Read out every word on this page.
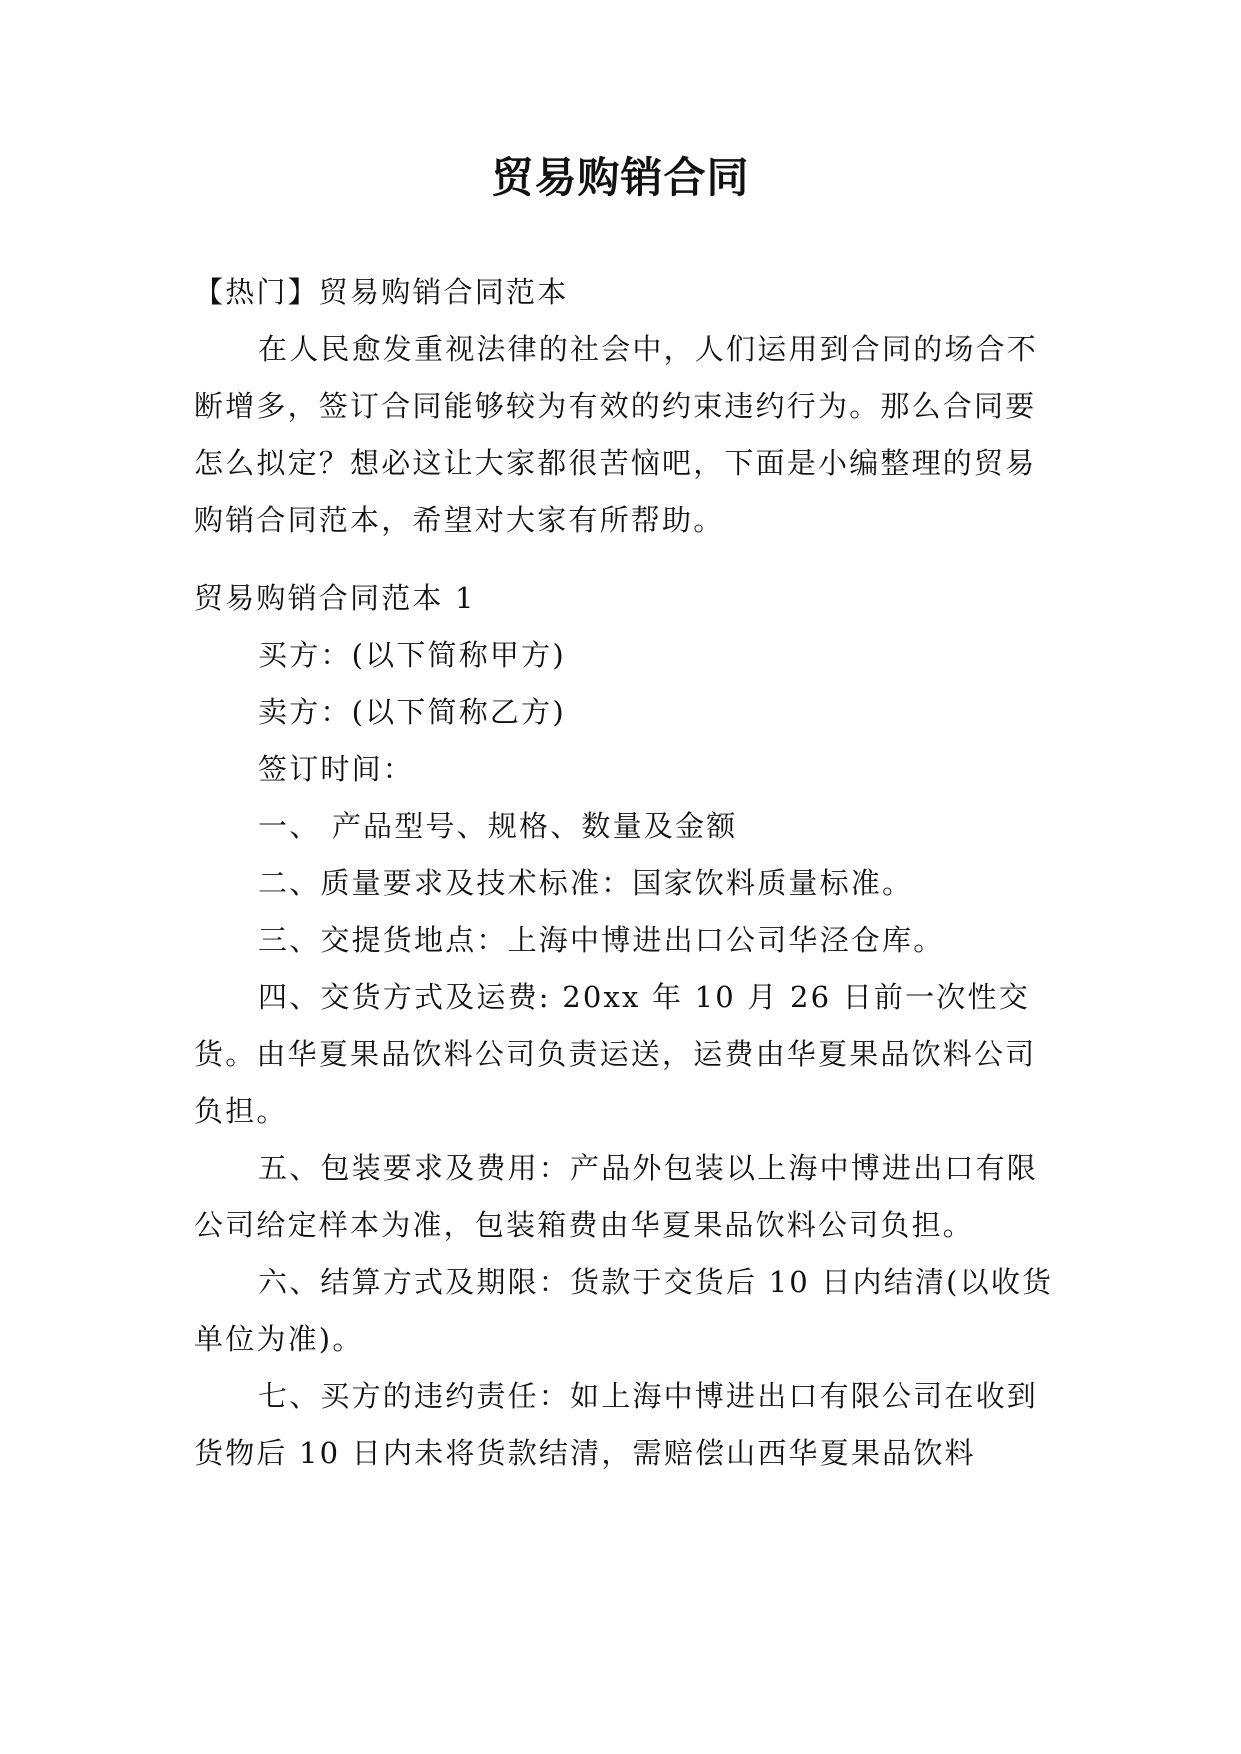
贸易购销合同

【热门】贸易购销合同范本

在人民愈发重视法律的社会中，人们运用到合同的场合不断增多，签订合同能够较为有效的约束违约行为。那么合同要怎么拟定？想必这让大家都很苦恼吧，下面是小编整理的贸易购销合同范本，希望对大家有所帮助。

贸易购销合同范本 1

买方：(以下简称甲方)

卖方：(以下简称乙方)

签订时间：

一、 产品型号、规格、数量及金额

二、质量要求及技术标准：国家饮料质量标准。

三、交提货地点：上海中博进出口公司华泾仓库。

四、交货方式及运费: 20xx 年 10 月 26 日前一次性交货。由华夏果品饮料公司负责运送，运费由华夏果品饮料公司负担。

五、包装要求及费用：产品外包装以上海中博进出口有限公司给定样本为准，包装箱费由华夏果品饮料公司负担。

六、结算方式及期限：货款于交货后 10 日内结清(以收货单位为准)。

七、买方的违约责任：如上海中博进出口有限公司在收到货物后 10 日内未将货款结清，需赔偿山西华夏果品饮料
